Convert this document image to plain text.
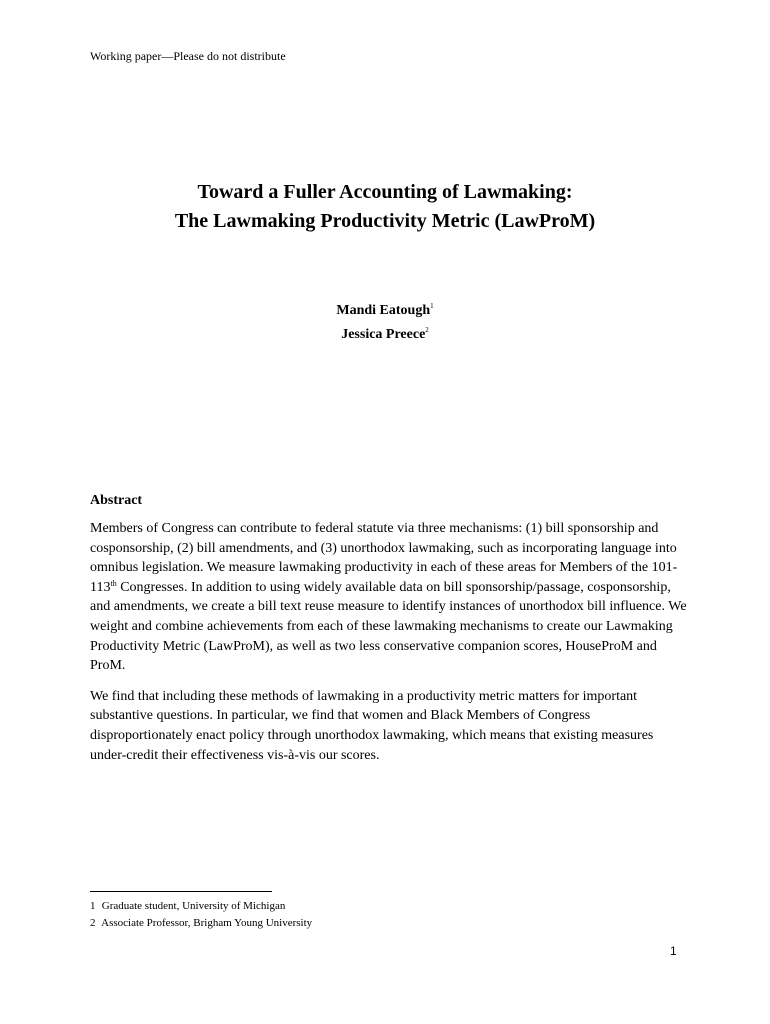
Working paper—Please do not distribute
Toward a Fuller Accounting of Lawmaking:
The Lawmaking Productivity Metric (LawProM)
Mandi Eatough$^1$
Jessica Preece$^2$
Abstract

Members of Congress can contribute to federal statute via three mechanisms: (1) bill sponsorship and cosponsorship, (2) bill amendments, and (3) unorthodox lawmaking, such as incorporating language into omnibus legislation. We measure lawmaking productivity in each of these areas for Members of the 101-113th Congresses. In addition to using widely available data on bill sponsorship/passage, cosponsorship, and amendments, we create a bill text reuse measure to identify instances of unorthodox bill influence. We weight and combine achievements from each of these lawmaking mechanisms to create our Lawmaking Productivity Metric (LawProM), as well as two less conservative companion scores, HouseProM and ProM.

We find that including these methods of lawmaking in a productivity metric matters for important substantive questions. In particular, we find that women and Black Members of Congress disproportionately enact policy through unorthodox lawmaking, which means that existing measures under-credit their effectiveness vis-à-vis our scores.

1 Graduate student, University of Michigan
2 Associate Professor, Brigham Young University
1
